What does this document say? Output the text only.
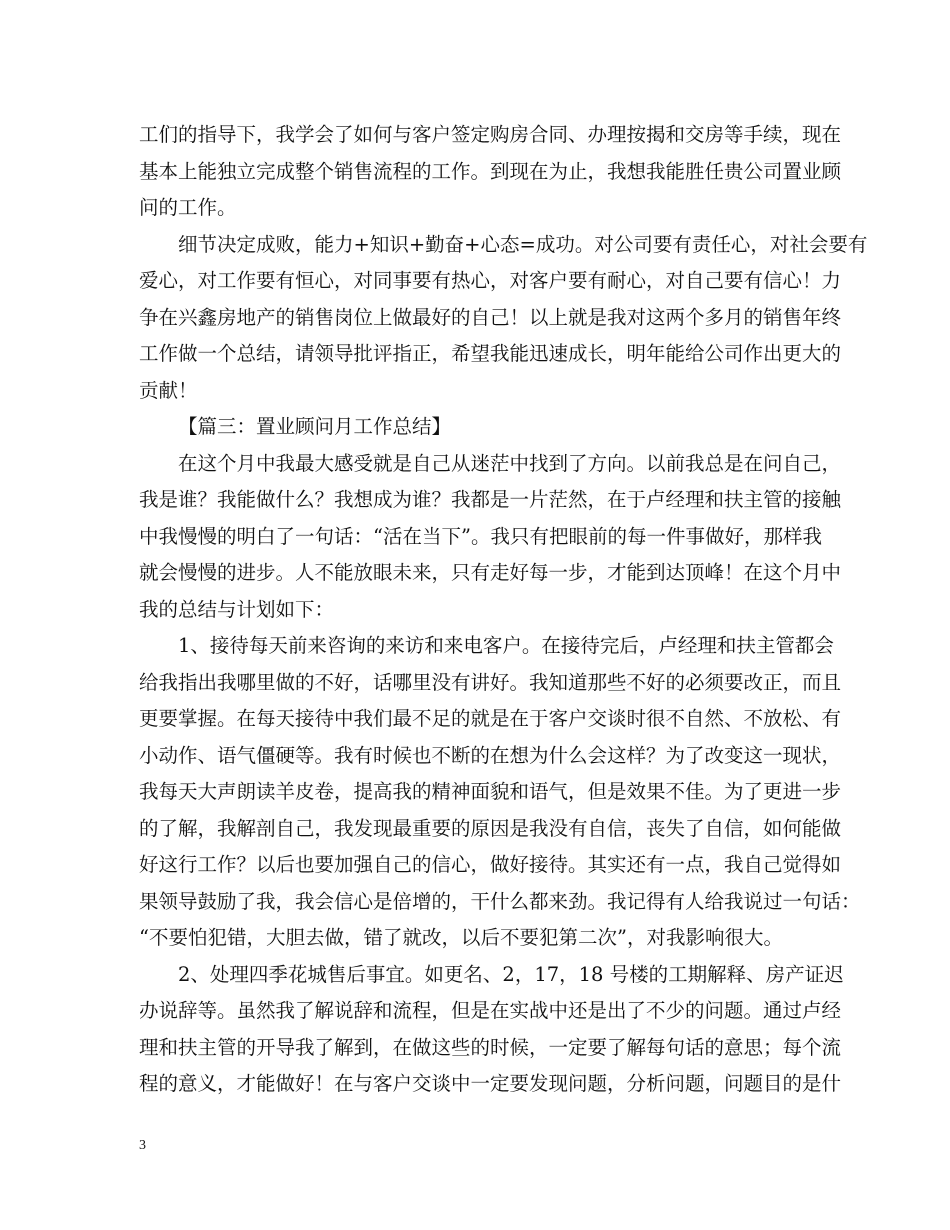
工们的指导下，我学会了如何与客户签定购房合同、办理按揭和交房等手续，现在
基本上能独立完成整个销售流程的工作。到现在为止，我想我能胜任贵公司置业顾
问的工作。
细节决定成败，能力+知识+勤奋+心态=成功。对公司要有责任心，对社会要有
爱心，对工作要有恒心，对同事要有热心，对客户要有耐心，对自己要有信心！力
争在兴鑫房地产的销售岗位上做最好的自己！以上就是我对这两个多月的销售年终
工作做一个总结，请领导批评指正，希望我能迅速成长，明年能给公司作出更大的
贡献！
【篇三：置业顾问月工作总结】
在这个月中我最大感受就是自己从迷茫中找到了方向。以前我总是在问自己，
我是谁？我能做什么？我想成为谁？我都是一片茫然，在于卢经理和扶主管的接触
中我慢慢的明白了一句话：“活在当下”。我只有把眼前的每一件事做好，那样我
就会慢慢的进步。人不能放眼未来，只有走好每一步，才能到达顶峰！在这个月中
我的总结与计划如下：
1、接待每天前来咨询的来访和来电客户。在接待完后，卢经理和扶主管都会
给我指出我哪里做的不好，话哪里没有讲好。我知道那些不好的必须要改正，而且
更要掌握。在每天接待中我们最不足的就是在于客户交谈时很不自然、不放松、有
小动作、语气僵硬等。我有时候也不断的在想为什么会这样？为了改变这一现状，
我每天大声朗读羊皮卷，提高我的精神面貌和语气，但是效果不佳。为了更进一步
的了解，我解剖自己，我发现最重要的原因是我没有自信，丧失了自信，如何能做
好这行工作？以后也要加强自己的信心，做好接待。其实还有一点，我自己觉得如
果领导鼓励了我，我会信心是倍增的，干什么都来劲。我记得有人给我说过一句话：
“不要怕犯错，大胆去做，错了就改，以后不要犯第二次”，对我影响很大。
2、处理四季花城售后事宜。如更名、2，17，18 号楼的工期解释、房产证迟
办说辞等。虽然我了解说辞和流程，但是在实战中还是出了不少的问题。通过卢经
理和扶主管的开导我了解到，在做这些的时候，一定要了解每句话的意思；每个流
程的意义，才能做好！在与客户交谈中一定要发现问题，分析问题，问题目的是什
3
